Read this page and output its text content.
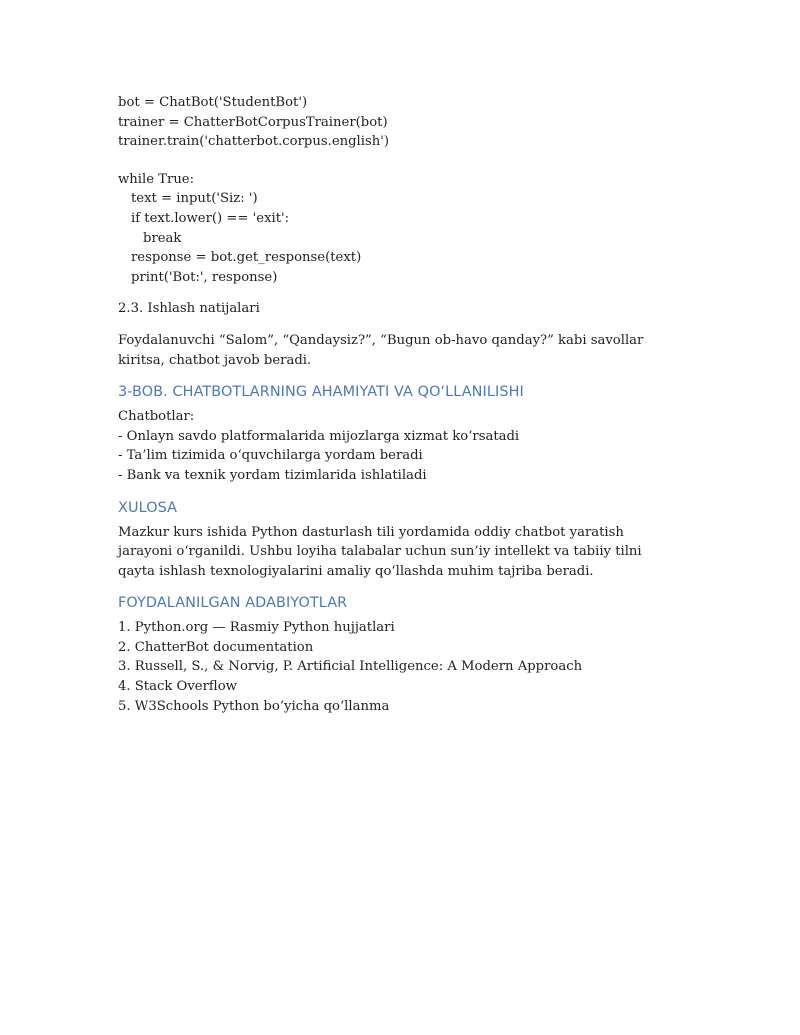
bot = ChatBot('StudentBot')

trainer = ChatterBotCorpusTrainer(bot)

trainer.train('chatterbot.corpus.english')

while True:

text = input('Siz: ')

if text.lower() == 'exit':

break

response = bot.get_response(text)

print('Bot:', response)

2.3. Ishlash natijalari

Foydalanuvchi “Salom”, “Qandaysiz?”, “Bugun ob-havo qanday?” kabi savollar kiritsa, chatbot javob beradi.

3-BOB. CHATBOTLARNING AHAMIYATI VA QO‘LLANILISHI

Chatbotlar:

- Onlayn savdo platformalarida mijozlarga xizmat ko‘rsatadi

- Ta’lim tizimida o‘quvchilarga yordam beradi

- Bank va texnik yordam tizimlarida ishlatiladi

XULOSA

Mazkur kurs ishida Python dasturlash tili yordamida oddiy chatbot yaratish jarayoni o‘rganildi. Ushbu loyiha talabalar uchun sun’iy intellekt va tabiiy tilni qayta ishlash texnologiyalarini amaliy qo‘llashda muhim tajriba beradi.

FOYDALANILGAN ADABIYOTLAR

1. Python.org — Rasmiy Python hujjatlari

2. ChatterBot documentation

3. Russell, S., & Norvig, P. Artificial Intelligence: A Modern Approach

4. Stack Overflow

5. W3Schools Python bo‘yicha qo‘llanma
